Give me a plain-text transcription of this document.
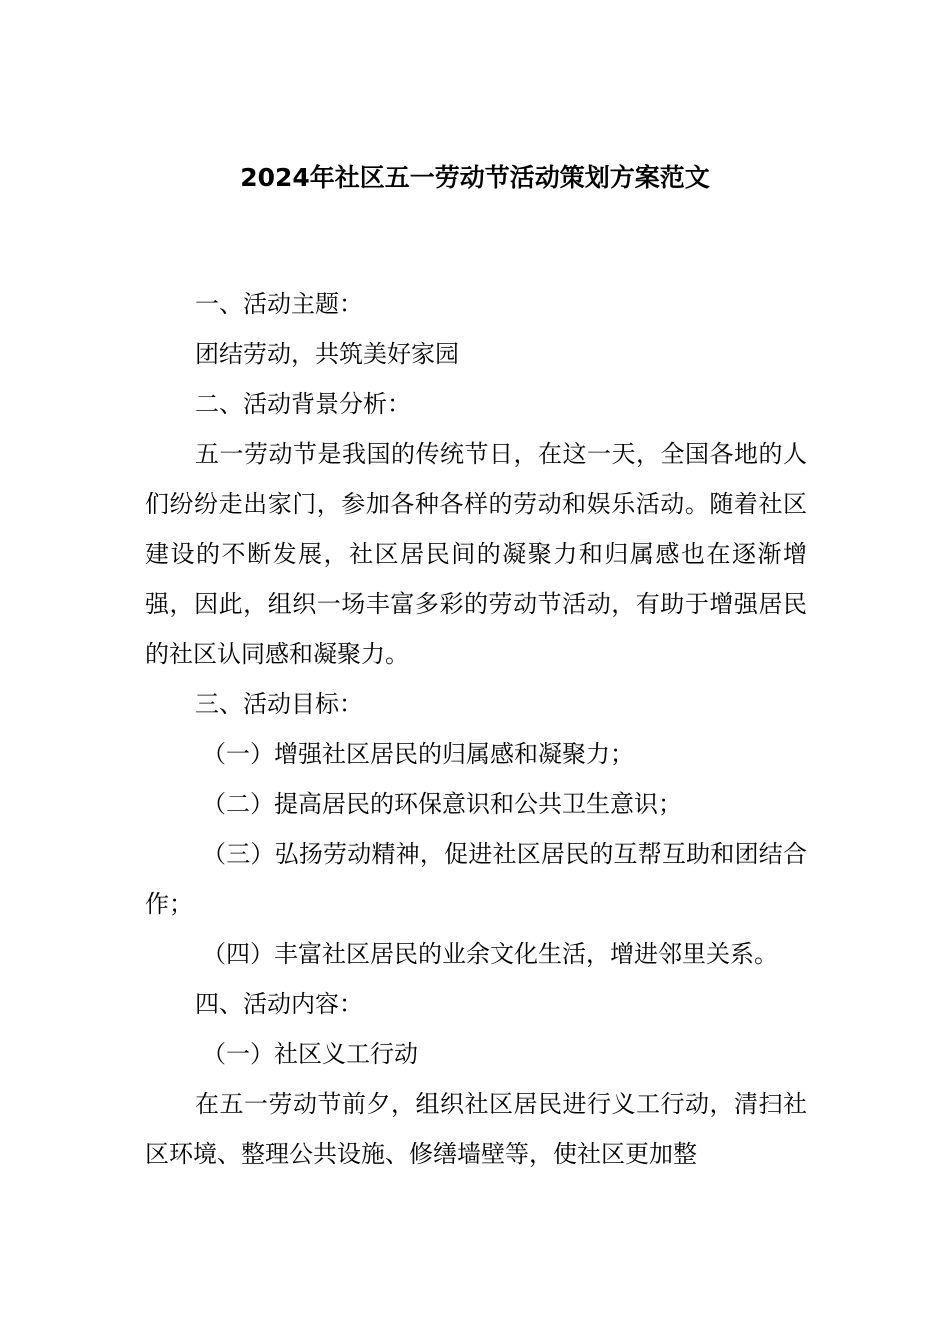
2024年社区五一劳动节活动策划方案范文

一、活动主题：

团结劳动，共筑美好家园

二、活动背景分析：

五一劳动节是我国的传统节日，在这一天，全国各地的人们纷纷走出家门，参加各种各样的劳动和娱乐活动。随着社区建设的不断发展，社区居民间的凝聚力和归属感也在逐渐增强，因此，组织一场丰富多彩的劳动节活动，有助于增强居民的社区认同感和凝聚力。

三、活动目标：

（一）增强社区居民的归属感和凝聚力；

（二）提高居民的环保意识和公共卫生意识；

（三）弘扬劳动精神，促进社区居民的互帮互助和团结合作；

（四）丰富社区居民的业余文化生活，增进邻里关系。

四、活动内容：

（一）社区义工行动

在五一劳动节前夕，组织社区居民进行义工行动，清扫社区环境、整理公共设施、修缮墙壁等，使社区更加整
